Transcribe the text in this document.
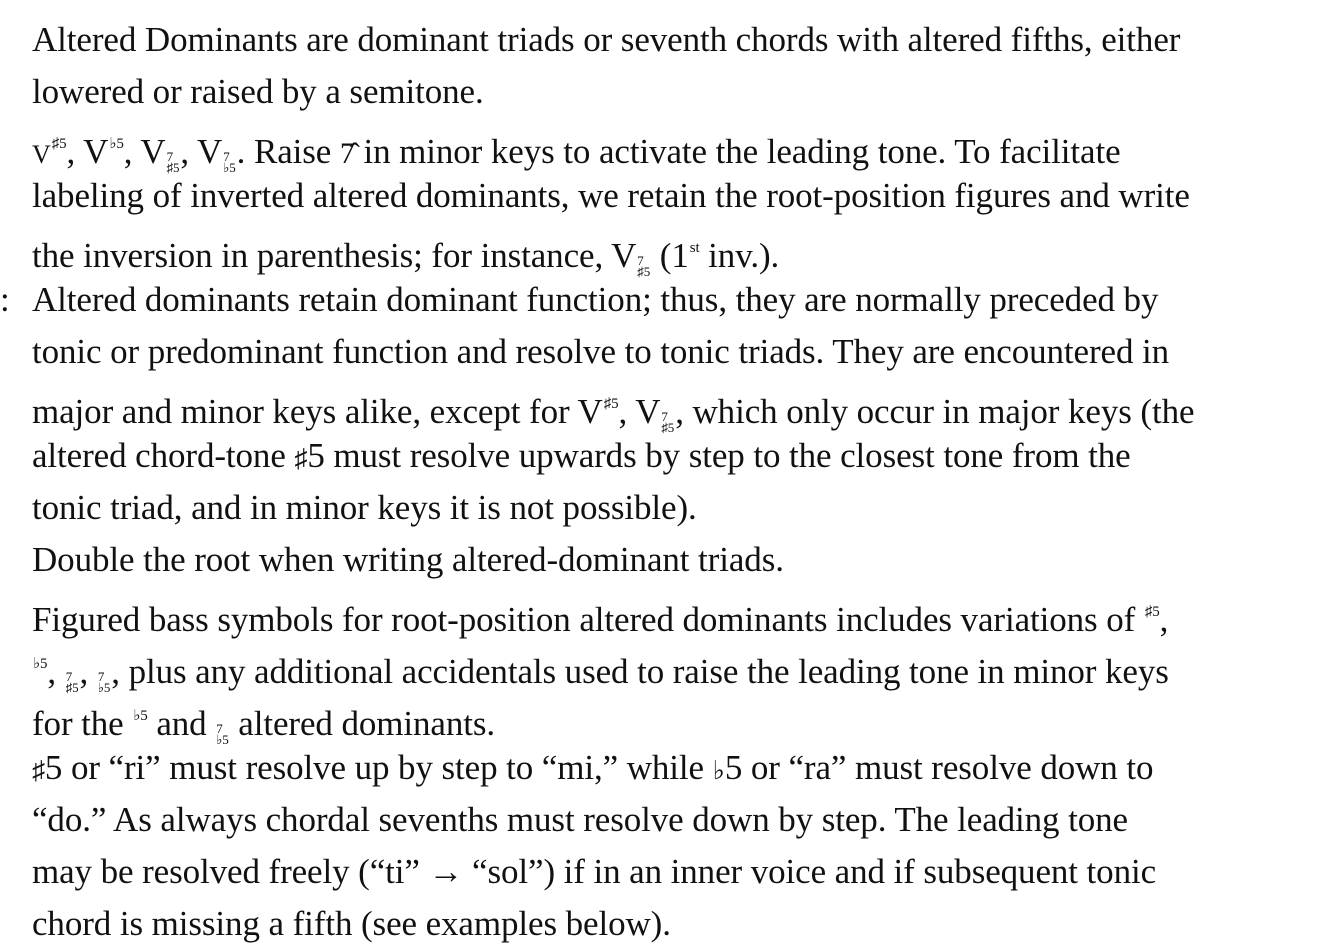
:
Altered Dominants are dominant triads or seventh chords with altered fifths, either
lowered or raised by a semitone.
$V^{♯5}$, $V^{♭5}$, V 7
♯5 , V 7
♭5 . Raise 7̂ in minor keys to activate the leading tone. To facilitate
labeling of inverted altered dominants, we retain the root-position figures and write
the inversion in parenthesis; for instance, V 7
♯5 (1st inv.).
Altered dominants retain dominant function; thus, they are normally preceded by
tonic or predominant function and resolve to tonic triads. They are encountered in
major and minor keys alike, except for $V^{♯5}$, V 7
♯5 , which only occur in major keys (the
altered chord-tone ♯5 must resolve upwards by step to the closest tone from the
tonic triad, and in minor keys it is not possible).
Double the root when writing altered-dominant triads.
Figured bass symbols for root-position altered dominants includes variations of $^{♯5}$,
$^{♭5}$, 7
♯5 , 7
♭5 , plus any additional accidentals used to raise the leading tone in minor keys
for the $^{♭5}$ and 7
♭5 altered dominants.
♯5 or “ri” must resolve up by step to “mi,” while ♭5 or “ra” must resolve down to
“do.” As always chordal sevenths must resolve down by step. The leading tone
may be resolved freely (“ti” → “sol”) if in an inner voice and if subsequent tonic
chord is missing a fifth (see examples below).
